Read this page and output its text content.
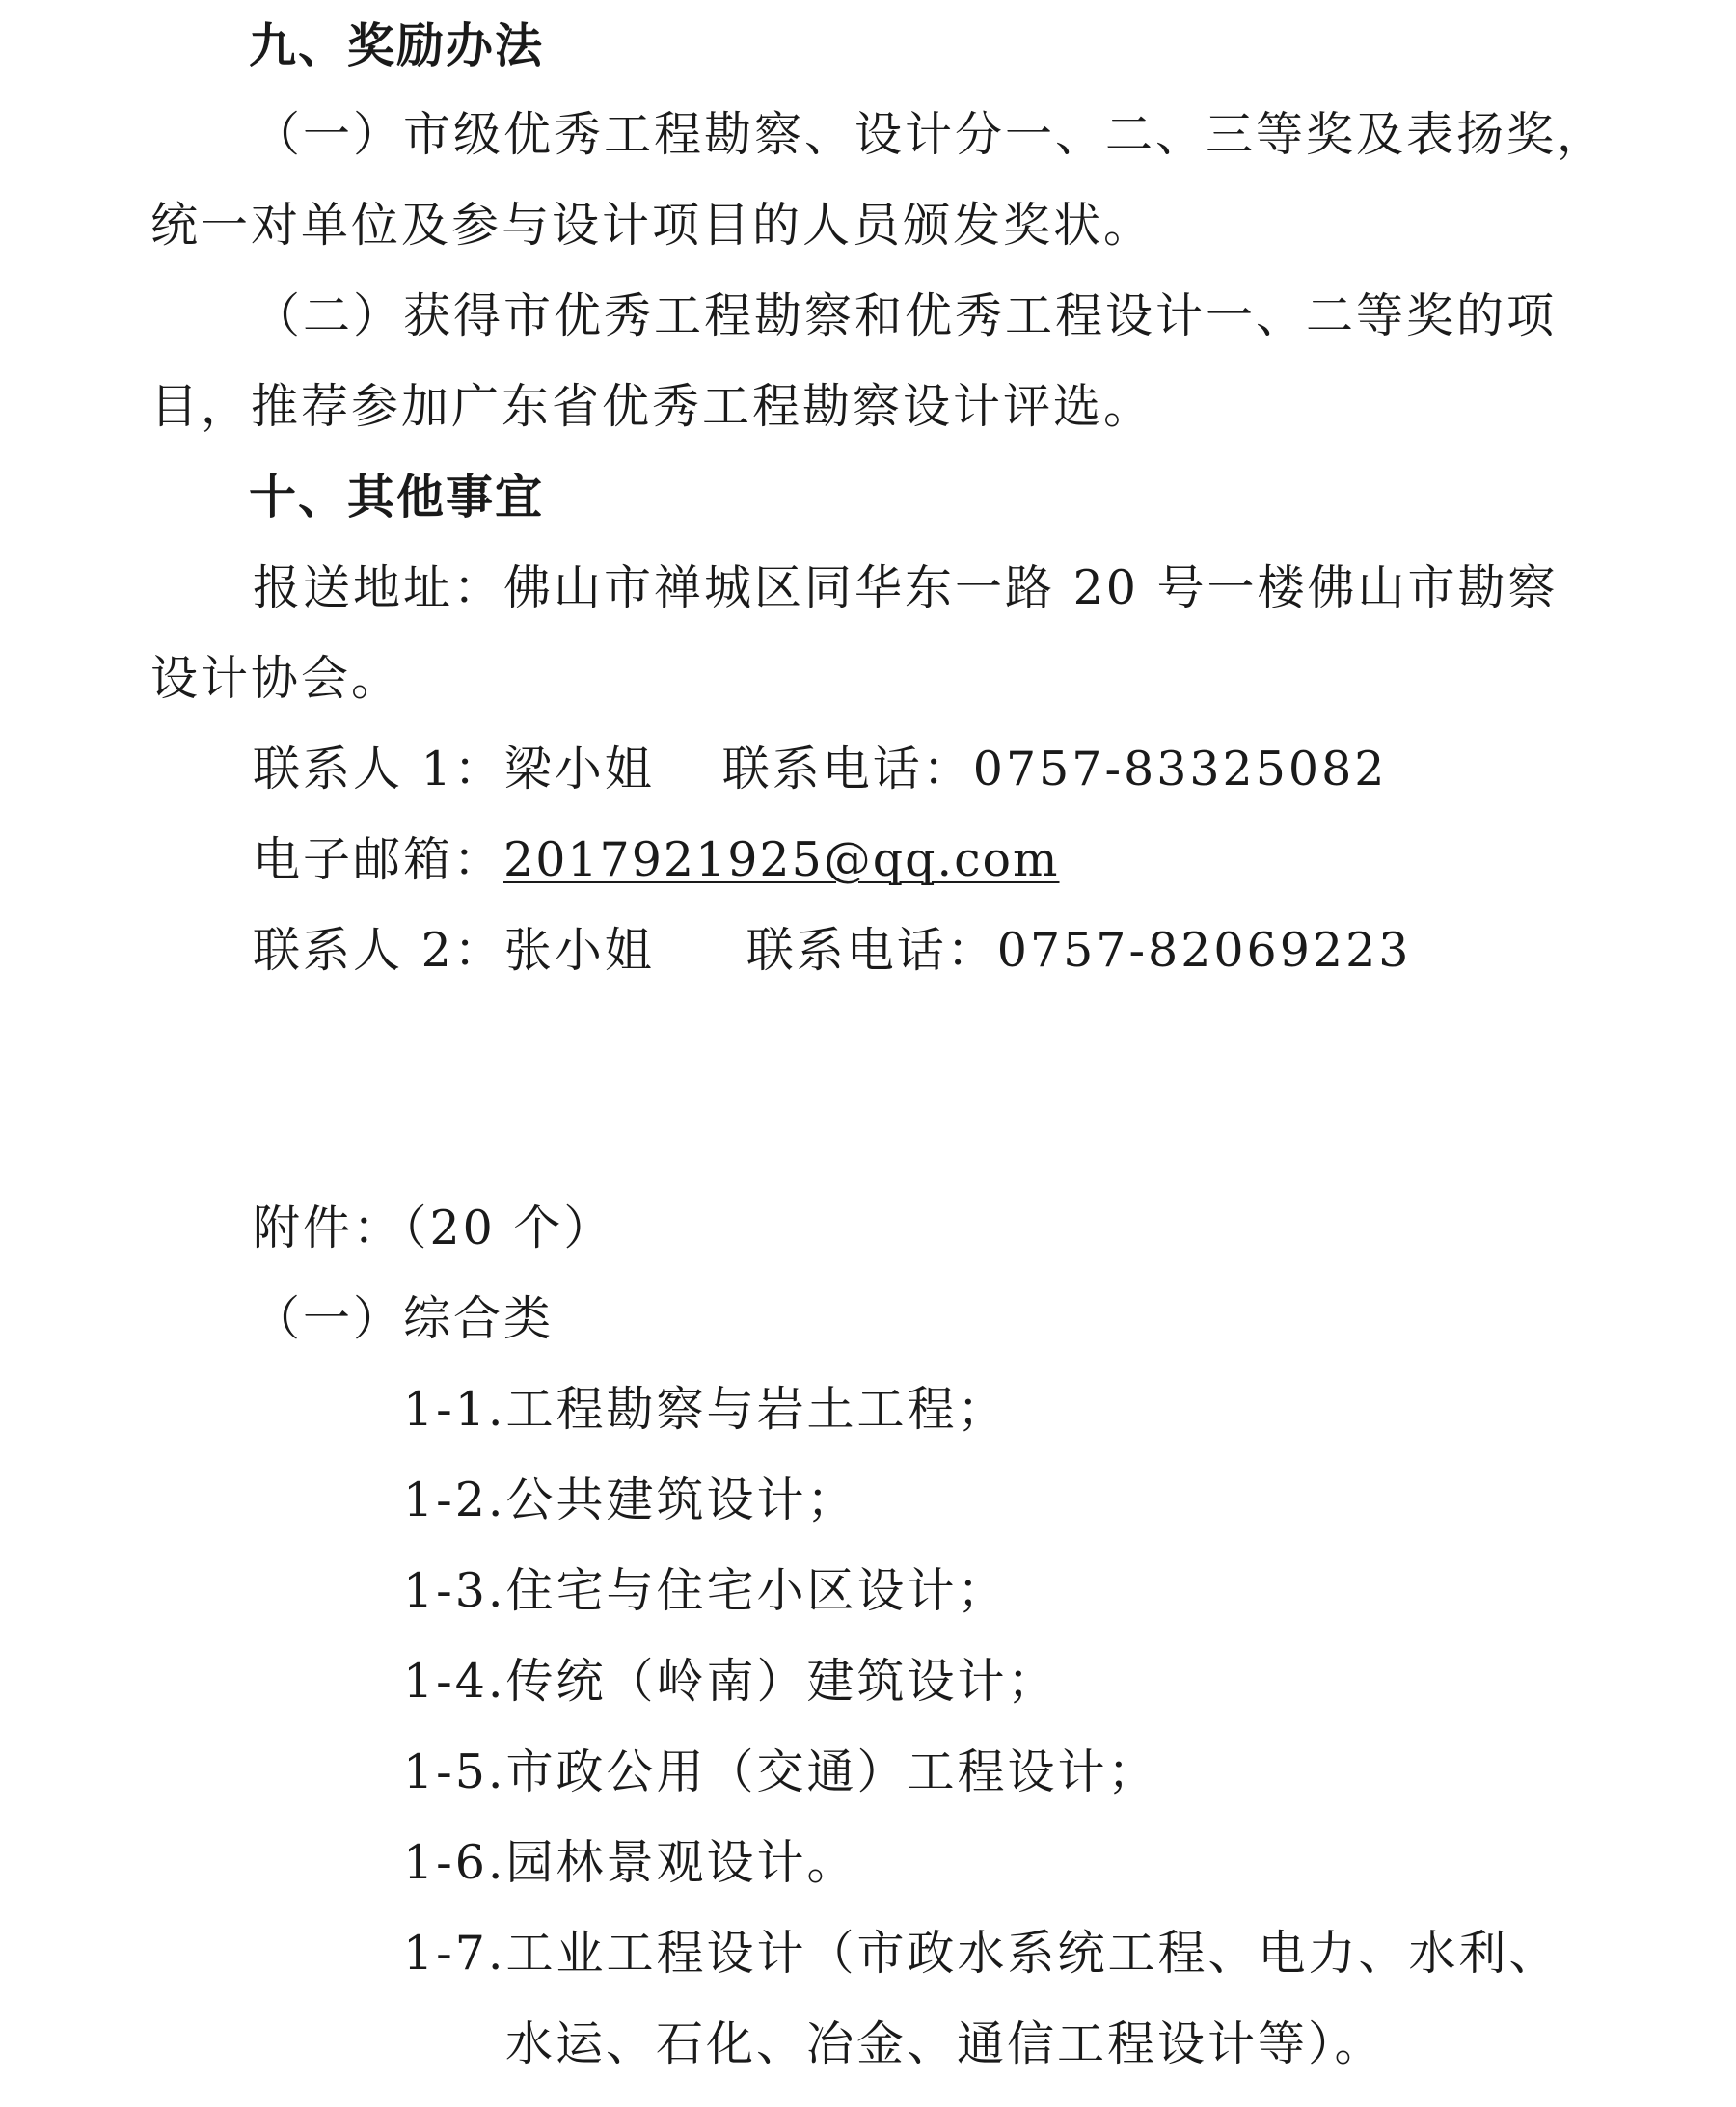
九、奖励办法
（一）市级优秀工程勘察、设计分一、二、三等奖及表扬奖，
统一对单位及参与设计项目的人员颁发奖状。
（二）获得市优秀工程勘察和优秀工程设计一、二等奖的项
目，推荐参加广东省优秀工程勘察设计评选。
十、其他事宜
报送地址：佛山市禅城区同华东一路 20 号一楼佛山市勘察
设计协会。
联系人 1：梁小姐 联系电话：0757-83325082
电子邮箱：2017921925@qq.com
联系人 2：张小姐 联系电话：0757-82069223
附件：（20 个）
（一）综合类
1-1.工程勘察与岩土工程；
1-2.公共建筑设计；
1-3.住宅与住宅小区设计；
1-4.传统（岭南）建筑设计；
1-5.市政公用（交通）工程设计；
1-6.园林景观设计。
1-7.工业工程设计（市政水系统工程、电力、水利、
水运、石化、冶金、通信工程设计等）。
